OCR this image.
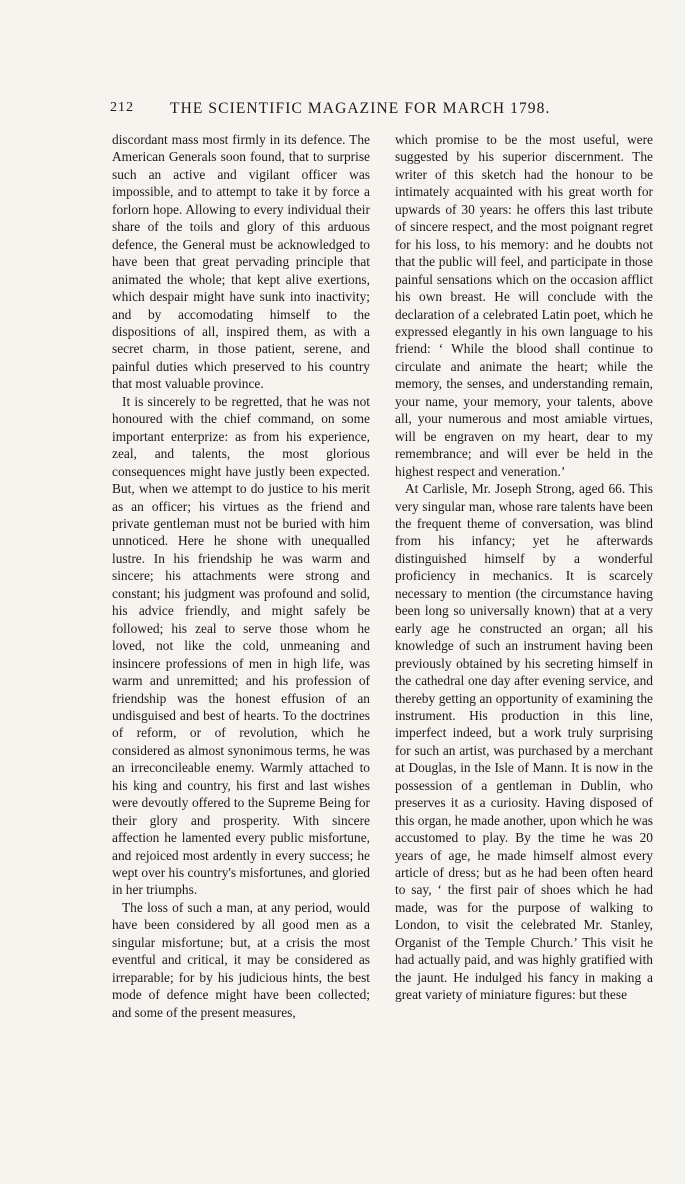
212 THE SCIENTIFIC MAGAZINE FOR MARCH 1798.

discordant mass most firmly in its defence. The American Generals soon found, that to surprise such an active and vigilant officer was impossible, and to attempt to take it by force a forlorn hope. Allowing to every individual their share of the toils and glory of this arduous defence, the General must be acknowledged to have been that great pervading principle that animated the whole; that kept alive exertions, which despair might have sunk into inactivity; and by accomodating himself to the dispositions of all, inspired them, as with a secret charm, in those patient, serene, and painful duties which preserved to his country that most valuable province.

It is sincerely to be regretted, that he was not honoured with the chief command, on some important enterprize: as from his experience, zeal, and talents, the most glorious consequences might have justly been expected. But, when we attempt to do justice to his merit as an officer; his virtues as the friend and private gentleman must not be buried with him unnoticed. Here he shone with unequalled lustre. In his friendship he was warm and sincere; his attachments were strong and constant; his judgment was profound and solid, his advice friendly, and might safely be followed; his zeal to serve those whom he loved, not like the cold, unmeaning and insincere professions of men in high life, was warm and unremitted; and his profession of friendship was the honest effusion of an undisguised and best of hearts. To the doctrines of reform, or of revolution, which he considered as almost synonimous terms, he was an irreconcileable enemy. Warmly attached to his king and country, his first and last wishes were devoutly offered to the Supreme Being for their glory and prosperity. With sincere affection he lamented every public misfortune, and rejoiced most ardently in every success; he wept over his country's misfortunes, and gloried in her triumphs.

The loss of such a man, at any period, would have been considered by all good men as a singular misfortune; but, at a crisis the most eventful and critical, it may be considered as irreparable; for by his judicious hints, the best mode of defence might have been collected; and some of the present measures,

which promise to be the most useful, were suggested by his superior discernment. The writer of this sketch had the honour to be intimately acquainted with his great worth for upwards of 30 years: he offers this last tribute of sincere respect, and the most poignant regret for his loss, to his memory: and he doubts not that the public will feel, and participate in those painful sensations which on the occasion afflict his own breast. He will conclude with the declaration of a celebrated Latin poet, which he expressed elegantly in his own language to his friend: ‘ While the blood shall continue to circulate and animate the heart; while the memory, the senses, and understanding remain, your name, your memory, your talents, above all, your numerous and most amiable virtues, will be engraven on my heart, dear to my remembrance; and will ever be held in the highest respect and veneration.’

At Carlisle, Mr. Joseph Strong, aged 66. This very singular man, whose rare talents have been the frequent theme of conversation, was blind from his infancy; yet he afterwards distinguished himself by a wonderful proficiency in mechanics. It is scarcely necessary to mention (the circumstance having been long so universally known) that at a very early age he constructed an organ; all his knowledge of such an instrument having been previously obtained by his secreting himself in the cathedral one day after evening service, and thereby getting an opportunity of examining the instrument. His production in this line, imperfect indeed, but a work truly surprising for such an artist, was purchased by a merchant at Douglas, in the Isle of Mann. It is now in the possession of a gentleman in Dublin, who preserves it as a curiosity. Having disposed of this organ, he made another, upon which he was accustomed to play. By the time he was 20 years of age, he made himself almost every article of dress; but as he had been often heard to say, ‘ the first pair of shoes which he had made, was for the purpose of walking to London, to visit the celebrated Mr. Stanley, Organist of the Temple Church.’ This visit he had actually paid, and was highly gratified with the jaunt. He indulged his fancy in making a great variety of miniature figures: but these
